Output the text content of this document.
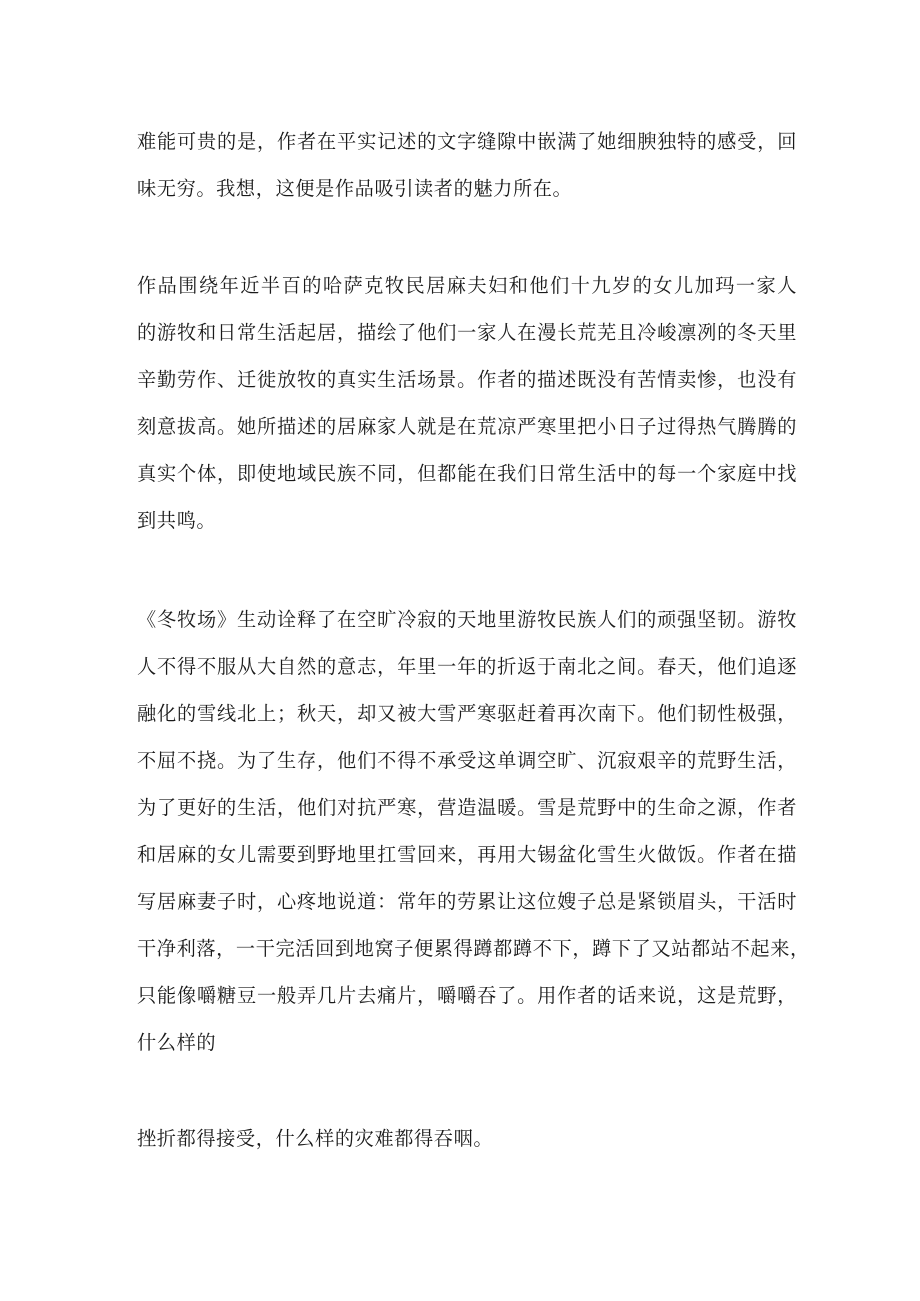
难能可贵的是，作者在平实记述的文字缝隙中嵌满了她细腴独特的感受，回
味无穷。我想，这便是作品吸引读者的魅力所在。
作品围绕年近半百的哈萨克牧民居麻夫妇和他们十九岁的女儿加玛一家人
的游牧和日常生活起居，描绘了他们一家人在漫长荒芜且冷峻凛冽的冬天里
辛勤劳作、迁徙放牧的真实生活场景。作者的描述既没有苦情卖惨，也没有
刻意拔高。她所描述的居麻家人就是在荒凉严寒里把小日子过得热气腾腾的
真实个体，即使地域民族不同，但都能在我们日常生活中的每一个家庭中找
到共鸣。
《冬牧场》生动诠释了在空旷冷寂的天地里游牧民族人们的顽强坚韧。游牧
人不得不服从大自然的意志，年里一年的折返于南北之间。春天，他们追逐
融化的雪线北上；秋天，却又被大雪严寒驱赶着再次南下。他们韧性极强，
不屈不挠。为了生存，他们不得不承受这单调空旷、沉寂艰辛的荒野生活，
为了更好的生活，他们对抗严寒，营造温暖。雪是荒野中的生命之源，作者
和居麻的女儿需要到野地里扛雪回来，再用大锡盆化雪生火做饭。作者在描
写居麻妻子时，心疼地说道：常年的劳累让这位嫂子总是紧锁眉头，干活时
干净利落，一干完活回到地窝子便累得蹲都蹲不下，蹲下了又站都站不起来，
只能像嚼糖豆一般弄几片去痛片，嚼嚼吞了。用作者的话来说，这是荒野，
什么样的
挫折都得接受，什么样的灾难都得吞咽。
